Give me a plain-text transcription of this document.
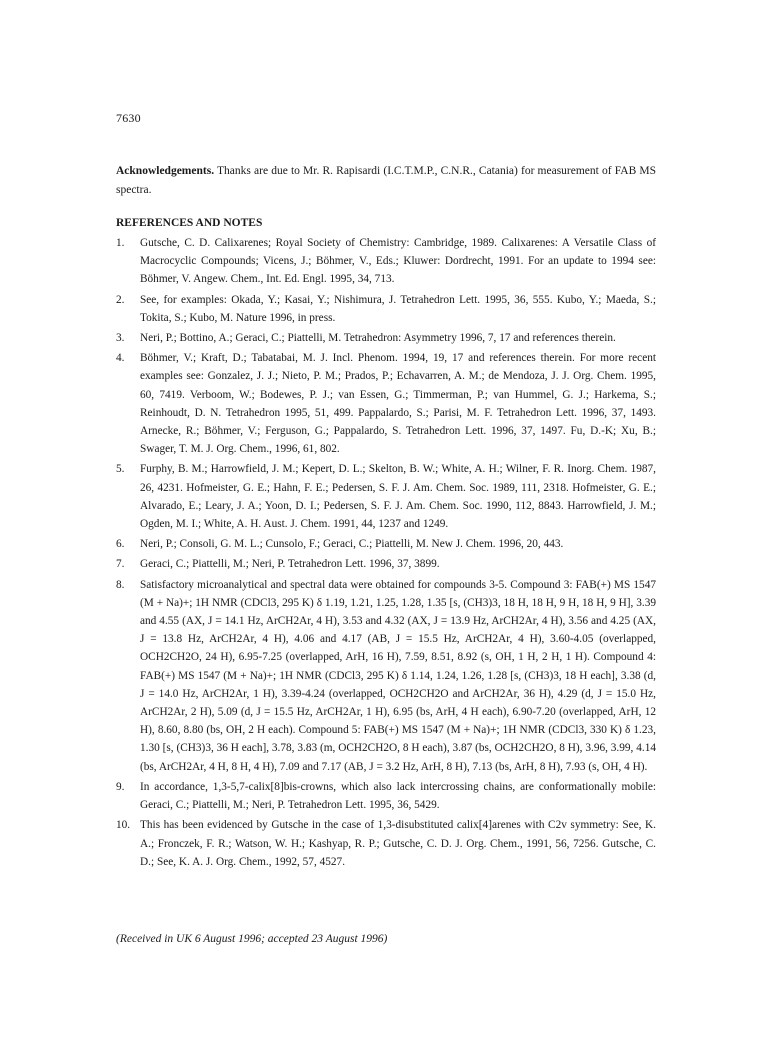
7630
Acknowledgements. Thanks are due to Mr. R. Rapisardi (I.C.T.M.P., C.N.R., Catania) for measurement of FAB MS spectra.
REFERENCES AND NOTES
1.	Gutsche, C. D. Calixarenes; Royal Society of Chemistry: Cambridge, 1989. Calixarenes: A Versatile Class of Macrocyclic Compounds; Vicens, J.; Böhmer, V., Eds.; Kluwer: Dordrecht, 1991. For an update to 1994 see: Böhmer, V. Angew. Chem., Int. Ed. Engl. 1995, 34, 713.
2.	See, for examples: Okada, Y.; Kasai, Y.; Nishimura, J. Tetrahedron Lett. 1995, 36, 555. Kubo, Y.; Maeda, S.; Tokita, S.; Kubo, M. Nature 1996, in press.
3.	Neri, P.; Bottino, A.; Geraci, C.; Piattelli, M. Tetrahedron: Asymmetry 1996, 7, 17 and references therein.
4.	Böhmer, V.; Kraft, D.; Tabatabai, M. J. Incl. Phenom. 1994, 19, 17 and references therein. For more recent examples see: Gonzalez, J. J.; Nieto, P. M.; Prados, P.; Echavarren, A. M.; de Mendoza, J. J. Org. Chem. 1995, 60, 7419. Verboom, W.; Bodewes, P. J.; van Essen, G.; Timmerman, P.; van Hummel, G. J.; Harkema, S.; Reinhoudt, D. N. Tetrahedron 1995, 51, 499. Pappalardo, S.; Parisi, M. F. Tetrahedron Lett. 1996, 37, 1493. Arnecke, R.; Böhmer, V.; Ferguson, G.; Pappalardo, S. Tetrahedron Lett. 1996, 37, 1497. Fu, D.-K; Xu, B.; Swager, T. M. J. Org. Chem., 1996, 61, 802.
5.	Furphy, B. M.; Harrowfield, J. M.; Kepert, D. L.; Skelton, B. W.; White, A. H.; Wilner, F. R. Inorg. Chem. 1987, 26, 4231. Hofmeister, G. E.; Hahn, F. E.; Pedersen, S. F. J. Am. Chem. Soc. 1989, 111, 2318. Hofmeister, G. E.; Alvarado, E.; Leary, J. A.; Yoon, D. I.; Pedersen, S. F. J. Am. Chem. Soc. 1990, 112, 8843. Harrowfield, J. M.; Ogden, M. I.; White, A. H. Aust. J. Chem. 1991, 44, 1237 and 1249.
6.	Neri, P.; Consoli, G. M. L.; Cunsolo, F.; Geraci, C.; Piattelli, M. New J. Chem. 1996, 20, 443.
7.	Geraci, C.; Piattelli, M.; Neri, P. Tetrahedron Lett. 1996, 37, 3899.
8.	Satisfactory microanalytical and spectral data were obtained for compounds 3-5. Compound 3: FAB(+) MS 1547 (M + Na)+; 1H NMR (CDCl3, 295 K) δ 1.19, 1.21, 1.25, 1.28, 1.35 [s, (CH3)3, 18 H, 18 H, 9 H, 18 H, 9 H], 3.39 and 4.55 (AX, J = 14.1 Hz, ArCH2Ar, 4 H), 3.53 and 4.32 (AX, J = 13.9 Hz, ArCH2Ar, 4 H), 3.56 and 4.25 (AX, J = 13.8 Hz, ArCH2Ar, 4 H), 4.06 and 4.17 (AB, J = 15.5 Hz, ArCH2Ar, 4 H), 3.60-4.05 (overlapped, OCH2CH2O, 24 H), 6.95-7.25 (overlapped, ArH, 16 H), 7.59, 8.51, 8.92 (s, OH, 1 H, 2 H, 1 H). Compound 4: FAB(+) MS 1547 (M + Na)+; 1H NMR (CDCl3, 295 K) δ 1.14, 1.24, 1.26, 1.28 [s, (CH3)3, 18 H each], 3.38 (d, J = 14.0 Hz, ArCH2Ar, 1 H), 3.39-4.24 (overlapped, OCH2CH2O and ArCH2Ar, 36 H), 4.29 (d, J = 15.0 Hz, ArCH2Ar, 2 H), 5.09 (d, J = 15.5 Hz, ArCH2Ar, 1 H), 6.95 (bs, ArH, 4 H each), 6.90-7.20 (overlapped, ArH, 12 H), 8.60, 8.80 (bs, OH, 2 H each). Compound 5: FAB(+) MS 1547 (M + Na)+; 1H NMR (CDCl3, 330 K) δ 1.23, 1.30 [s, (CH3)3, 36 H each], 3.78, 3.83 (m, OCH2CH2O, 8 H each), 3.87 (bs, OCH2CH2O, 8 H), 3.96, 3.99, 4.14 (bs, ArCH2Ar, 4 H, 8 H, 4 H), 7.09 and 7.17 (AB, J = 3.2 Hz, ArH, 8 H), 7.13 (bs, ArH, 8 H), 7.93 (s, OH, 4 H).
9.	In accordance, 1,3-5,7-calix[8]bis-crowns, which also lack intercrossing chains, are conformationally mobile: Geraci, C.; Piattelli, M.; Neri, P. Tetrahedron Lett. 1995, 36, 5429.
10. This has been evidenced by Gutsche in the case of 1,3-disubstituted calix[4]arenes with C2v symmetry: See, K. A.; Fronczek, F. R.; Watson, W. H.; Kashyap, R. P.; Gutsche, C. D. J. Org. Chem., 1991, 56, 7256. Gutsche, C. D.; See, K. A. J. Org. Chem., 1992, 57, 4527.
(Received in UK 6 August 1996; accepted 23 August 1996)
